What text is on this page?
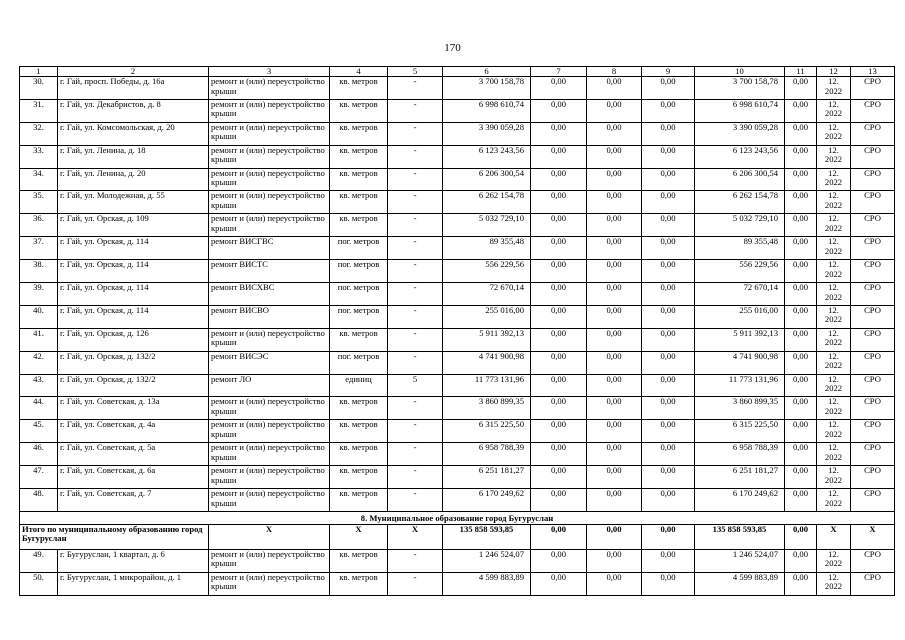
170
1	2	3	4	5	6	7	8	9	10	11	12	13
30.	г. Гай, просп. Победы, д. 16а	ремонт и (или) переустройство крыши	кв. метров	-	3 700 158,78	0,00	0,00	0,00	3 700 158,78	0,00	12. 2022	СРО
31.	г. Гай, ул. Декабристов, д. 8	ремонт и (или) переустройство крыши	кв. метров	-	6 998 610,74	0,00	0,00	0,00	6 998 610,74	0,00	12. 2022	СРО
32.	г. Гай, ул. Комсомольская, д. 20	ремонт и (или) переустройство крыши	кв. метров	-	3 390 059,28	0,00	0,00	0,00	3 390 059,28	0,00	12. 2022	СРО
33.	г. Гай, ул. Ленина, д. 18	ремонт и (или) переустройство крыши	кв. метров	-	6 123 243,56	0,00	0,00	0,00	6 123 243,56	0,00	12. 2022	СРО
34.	г. Гай, ул. Ленина, д. 20	ремонт и (или) переустройство крыши	кв. метров	-	6 206 300,54	0,00	0,00	0,00	6 206 300,54	0,00	12. 2022	СРО
35.	г. Гай, ул. Молодежная, д. 55	ремонт и (или) переустройство крыши	кв. метров	-	6 262 154,78	0,00	0,00	0,00	6 262 154,78	0,00	12. 2022	СРО
36.	г. Гай, ул. Орская, д. 109	ремонт и (или) переустройство крыши	кв. метров	-	5 032 729,10	0,00	0,00	0,00	5 032 729,10	0,00	12. 2022	СРО
37.	г. Гай, ул. Орская, д. 114	ремонт ВИСГВС	пог. метров	-	89 355,48	0,00	0,00	0,00	89 355,48	0,00	12. 2022	СРО
38.	г. Гай, ул. Орская, д. 114	ремонт ВИСТС	пог. метров	-	556 229,56	0,00	0,00	0,00	556 229,56	0,00	12. 2022	СРО
39.	г. Гай, ул. Орская, д. 114	ремонт ВИСХВС	пог. метров	-	72 670,14	0,00	0,00	0,00	72 670,14	0,00	12. 2022	СРО
40.	г. Гай, ул. Орская, д. 114	ремонт ВИСВО	пог. метров	-	255 016,00	0,00	0,00	0,00	255 016,00	0,00	12. 2022	СРО
41.	г. Гай, ул. Орская, д. 126	ремонт и (или) переустройство крыши	кв. метров	-	5 911 392,13	0,00	0,00	0,00	5 911 392,13	0,00	12. 2022	СРО
42.	г. Гай, ул. Орская, д. 132/2	ремонт ВИСЭС	пог. метров	-	4 741 900,98	0,00	0,00	0,00	4 741 900,98	0,00	12. 2022	СРО
43.	г. Гай, ул. Орская, д. 132/2	ремонт ЛО	единиц	5	11 773 131,96	0,00	0,00	0,00	11 773 131,96	0,00	12. 2022	СРО
44.	г. Гай, ул. Советская, д. 13а	ремонт и (или) переустройство крыши	кв. метров	-	3 860 899,35	0,00	0,00	0,00	3 860 899,35	0,00	12. 2022	СРО
45.	г. Гай, ул. Советская, д. 4а	ремонт и (или) переустройство крыши	кв. метров	-	6 315 225,50	0,00	0,00	0,00	6 315 225,50	0,00	12. 2022	СРО
46.	г. Гай, ул. Советская, д. 5а	ремонт и (или) переустройство крыши	кв. метров	-	6 958 788,39	0,00	0,00	0,00	6 958 788,39	0,00	12. 2022	СРО
47.	г. Гай, ул. Советская, д. 6а	ремонт и (или) переустройство крыши	кв. метров	-	6 251 181,27	0,00	0,00	0,00	6 251 181,27	0,00	12. 2022	СРО
48.	г. Гай, ул. Советская, д. 7	ремонт и (или) переустройство крыши	кв. метров	-	6 170 249,62	0,00	0,00	0,00	6 170 249,62	0,00	12. 2022	СРО
8. Муниципальное образование город Бугуруслан												
Итого по муниципальному образованию город Бугуруслан		X	X	X	135 858 593,85	0,00	0,00	0,00	135 858 593,85	0,00	X	X
49.	г. Бугуруслан, 1 квартал, д. 6	ремонт и (или) переустройство крыши	кв. метров	-	1 246 524,07	0,00	0,00	0,00	1 246 524,07	0,00	12. 2022	СРО
50.	г. Бугуруслан, 1 микрорайон, д. 1	ремонт и (или) переустройство крыши	кв. метров	-	4 599 883,89	0,00	0,00	0,00	4 599 883,89	0,00	12. 2022	СРО
